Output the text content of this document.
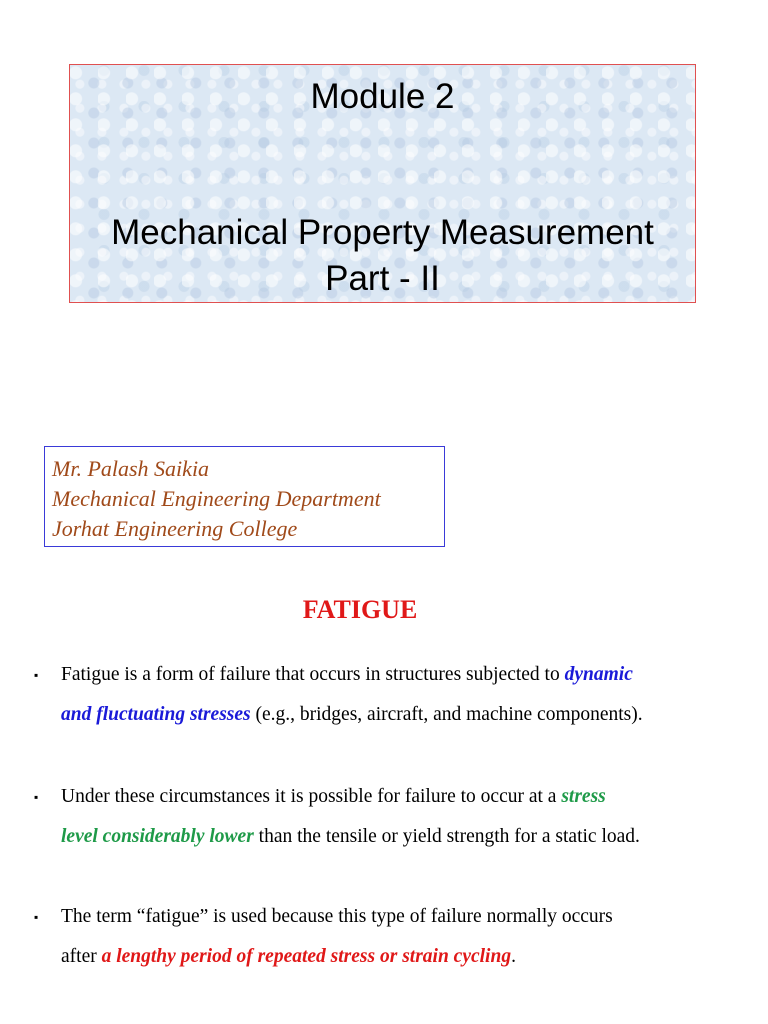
Module 2
Mechanical Property Measurement
Part - II
Mr. Palash Saikia
Mechanical Engineering Department
Jorhat Engineering College
FATIGUE
▪ Fatigue is a form of failure that occurs in structures subjected to dynamic
and fluctuating stresses (e.g., bridges, aircraft, and machine components).
▪ Under these circumstances it is possible for failure to occur at a stress
level considerably lower than the tensile or yield strength for a static load.
▪ The term “fatigue” is used because this type of failure normally occurs
after a lengthy period of repeated stress or strain cycling.
